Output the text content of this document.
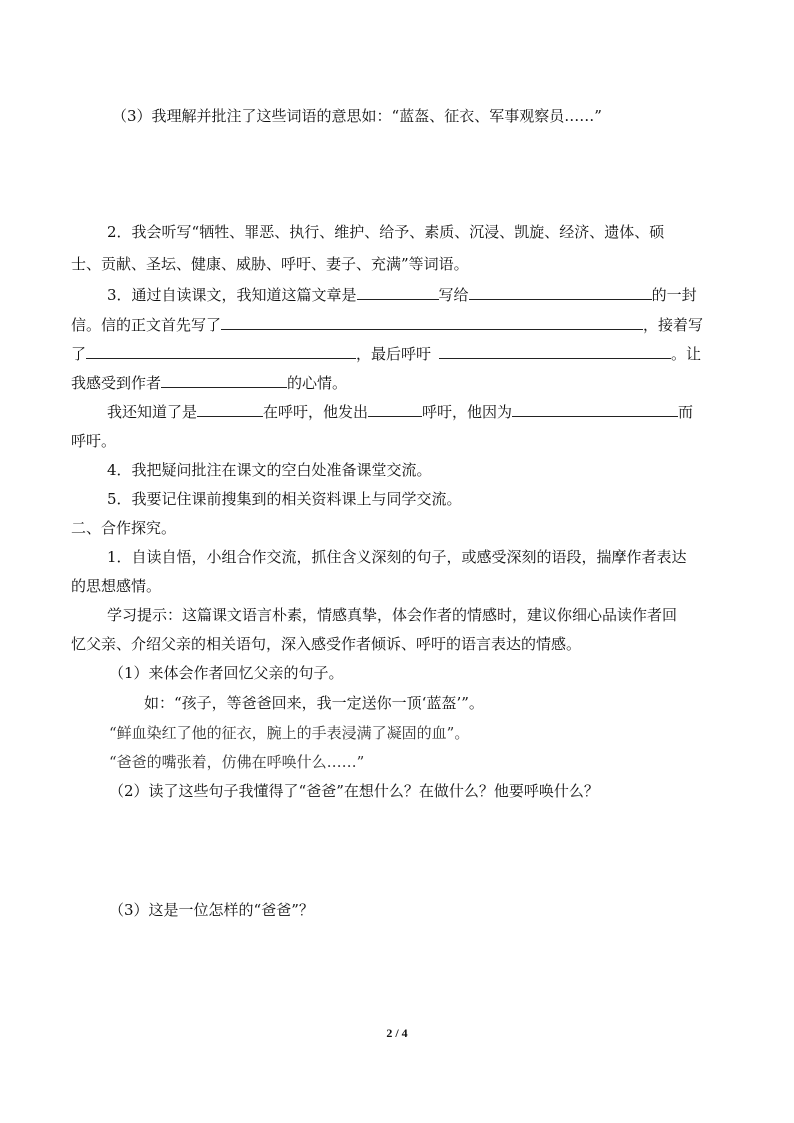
（3）我理解并批注了这些词语的意思如：“蓝盔、征衣、军事观察员……”
2．我会听写“牺牲、罪恶、执行、维护、给予、素质、沉浸、凯旋、经济、遗体、硕
士、贡献、圣坛、健康、威胁、呼吁、妻子、充满”等词语。
3．通过自读课文，我知道这篇文章是	写给	的一封
信。信的正文首先写了	，接着写
了	，最后呼吁	。让
我感受到作者	的心情。
我还知道了是	在呼吁，他发出	呼吁，他因为	而
呼吁。
4．我把疑问批注在课文的空白处准备课堂交流。
5．我要记住课前搜集到的相关资料课上与同学交流。
二、合作探究。
1．自读自悟，小组合作交流，抓住含义深刻的句子，或感受深刻的语段，揣摩作者表达
的思想感情。
学习提示：这篇课文语言朴素，情感真挚，体会作者的情感时，建议你细心品读作者回
忆父亲、介绍父亲的相关语句，深入感受作者倾诉、呼吁的语言表达的情感。
（1）来体会作者回忆父亲的句子。
如：“孩子，等爸爸回来，我一定送你一顶‘蓝盔’”。
“鲜血染红了他的征衣，腕上的手表浸满了凝固的血”。
“爸爸的嘴张着，仿佛在呼唤什么……”
（2）读了这些句子我懂得了“爸爸”在想什么？在做什么？他要呼唤什么？
（3）这是一位怎样的“爸爸”？
2 / 4
